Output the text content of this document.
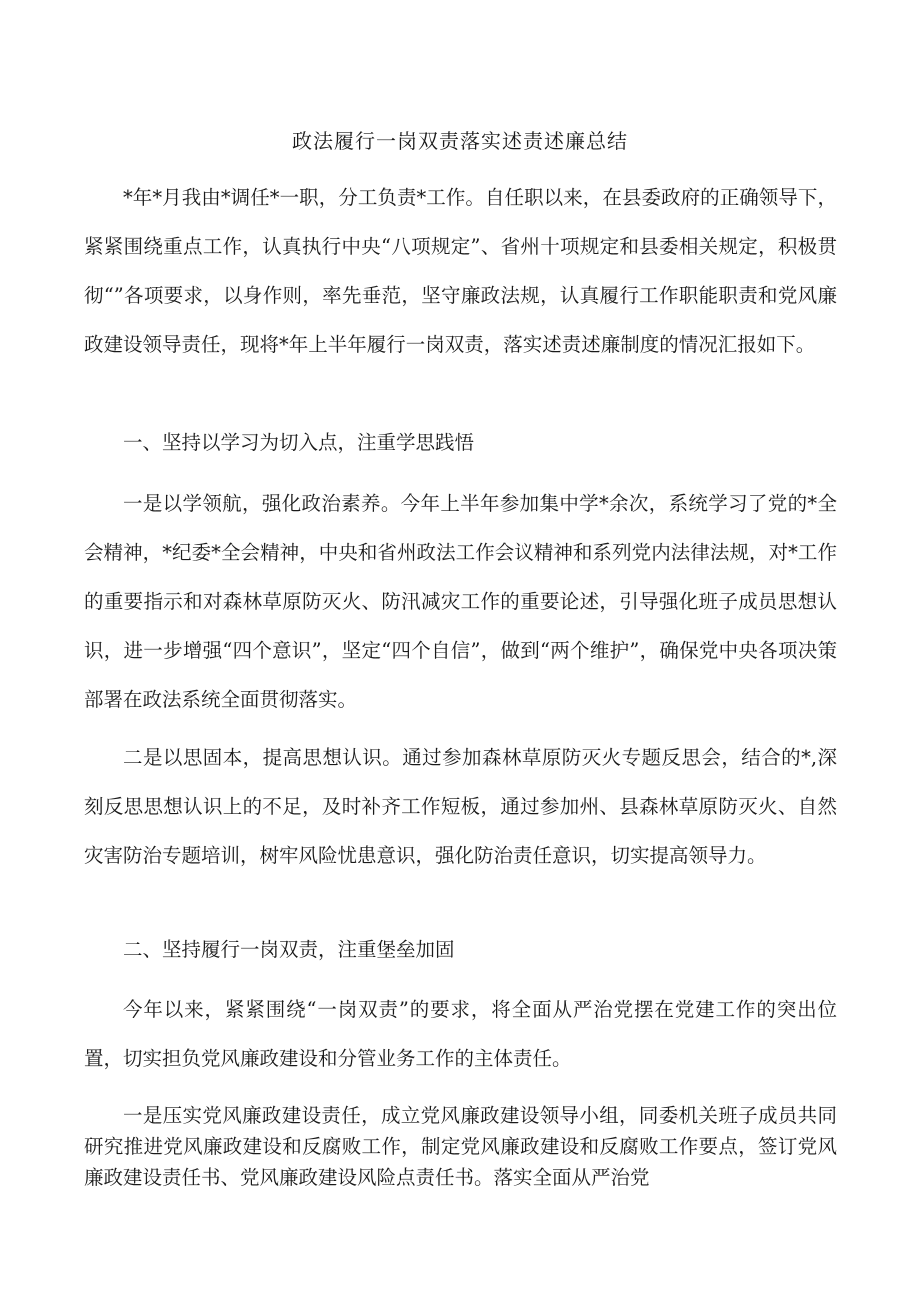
政法履行一岗双责落实述责述廉总结

*年*月我由*调任*一职，分工负责*工作。自任职以来，在县委政府的正确领导下，紧紧围绕重点工作，认真执行中央“八项规定”、省州十项规定和县委相关规定，积极贯彻“”各项要求，以身作则，率先垂范，坚守廉政法规，认真履行工作职能职责和党风廉政建设领导责任，现将*年上半年履行一岗双责，落实述责述廉制度的情况汇报如下。

一、坚持以学习为切入点，注重学思践悟

一是以学领航，强化政治素养。今年上半年参加集中学*余次，系统学习了党的*全会精神，*纪委*全会精神，中央和省州政法工作会议精神和系列党内法律法规，对*工作的重要指示和对森林草原防灭火、防汛减灾工作的重要论述，引导强化班子成员思想认识，进一步增强“四个意识”，坚定“四个自信”，做到“两个维护”，确保党中央各项决策部署在政法系统全面贯彻落实。

二是以思固本，提高思想认识。通过参加森林草原防灭火专题反思会，结合的*,深刻反思思想认识上的不足，及时补齐工作短板，通过参加州、县森林草原防灭火、自然灾害防治专题培训，树牢风险忧患意识，强化防治责任意识，切实提高领导力。

二、坚持履行一岗双责，注重堡垒加固

今年以来，紧紧围绕“一岗双责”的要求，将全面从严治党摆在党建工作的突出位置，切实担负党风廉政建设和分管业务工作的主体责任。

一是压实党风廉政建设责任，成立党风廉政建设领导小组，同委机关班子成员共同研究推进党风廉政建设和反腐败工作，制定党风廉政建设和反腐败工作要点，签订党风廉政建设责任书、党风廉政建设风险点责任书。落实全面从严治党
